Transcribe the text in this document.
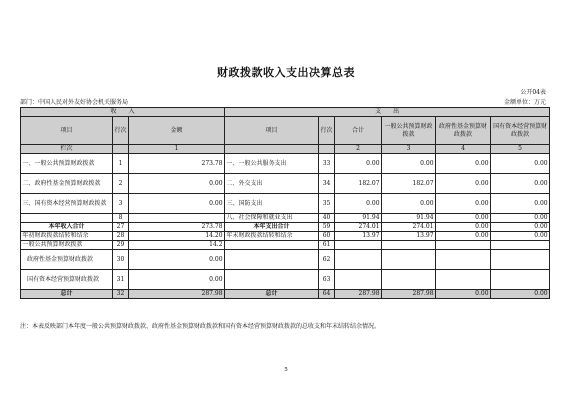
财政拨款收入支出决算总表
公开04表
部门：中国人民对外友好协会机关服务局	金额单位：万元
收　　入			支　　出					
项目	行次	金额	项目	行次	合计	一般公共预算财政拨款	政府性基金预算财政拨款	国有资本经营预算财政拨款
栏次		1			2	3	4	5
一、一般公共预算财政拨款	1	273.78	一、一般公共服务支出	33	0.00	0.00	0.00	0.00
二、政府性基金预算财政拨款	2	0.00	二、外交支出	34	182.07	182.07	0.00	0.00
三、国有资本经营预算财政拨款	3	0.00	三、国防支出	35	0.00	0.00	0.00	0.00
	8		八、社会保障和就业支出	40	91.94	91.94	0.00	0.00
本年收入合计	27	273.78	本年支出合计	59	274.01	274.01	0.00	0.00
年初财政拨款结转和结余	28	14.20	年末财政拨款结转和结余	60	13.97	13.97	0.00	0.00
一般公共预算财政拨款	29	14.2		61				
政府性基金预算财政拨款	30	0.00		62				
国有资本经营预算财政拨款	31	0.00		63				
总计	32	287.98	总计	64	287.98	287.98	0.00	0.00
注：本表反映部门本年度一般公共预算财政拨款、政府性基金预算财政拨款和国有资本经营预算财政拨款的总收支和年末结转结余情况。
5
